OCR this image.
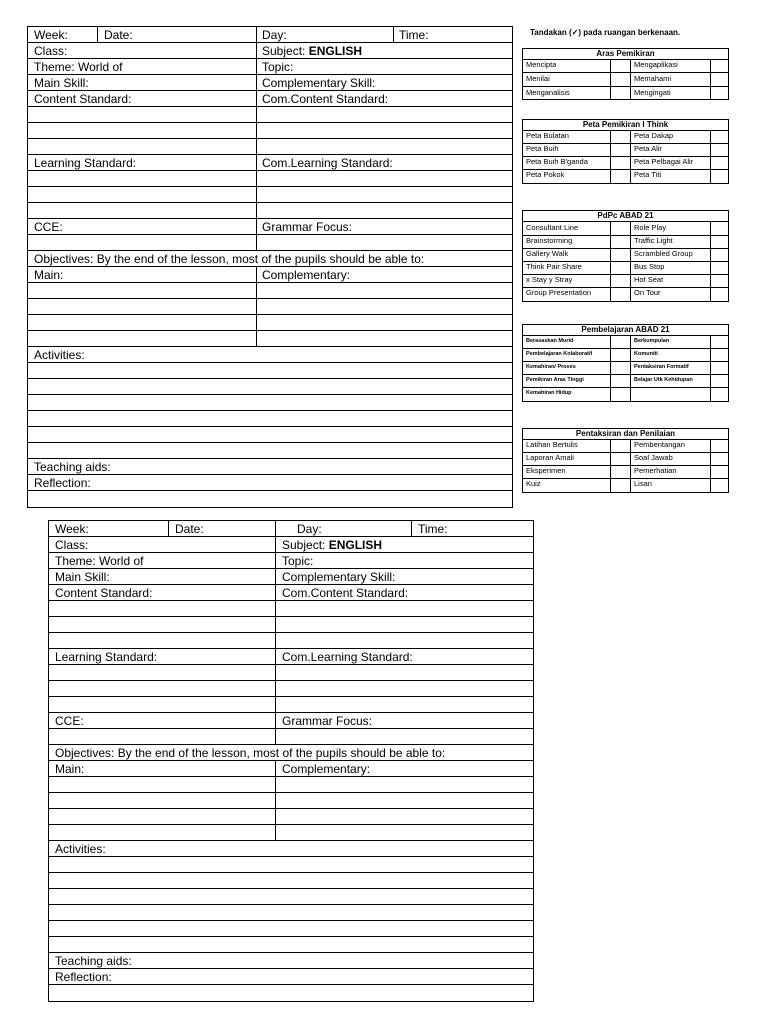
Week:	Date:	Day:	Time:
Class:	Subject: ENGLISH
Theme: World of	Topic:
Main Skill:	Complementary Skill:
Content Standard:	Com.Content Standard:
Learning Standard:	Com.Learning Standard:
CCE:	Grammar Focus:
Objectives: By the end of the lesson, most of the pupils should be able to:
Main:	Complementary:
Activities:
Teaching aids:
Reflection:
Week:	Date:	Day:	Time:
Class:	Subject: ENGLISH
Theme: World of	Topic:
Main Skill:	Complementary Skill:
Content Standard:	Com.Content Standard:
Learning Standard:	Com.Learning Standard:
CCE:	Grammar Focus:
Objectives: By the end of the lesson, most of the pupils should be able to:
Main:	Complementary:
Activities:
Teaching aids:
Reflection:
Tandakan (✓) pada ruangan berkenaan.
Aras Pemikiran
Mencipta	Mengaplikasi
Menilai	Memahami
Menganalisis	Mengingati
Peta Pemikiran I Think
Peta Bulatan	Peta Dakap
Peta Buih	Peta Alir
Peta Buih B'ganda	Peta Pelbagai Alir
Peta Pokok	Peta Titi
PdPc ABAD 21
Consultant Line	Role Play
Brainstorming	Traffic Light
Gallery Walk	Scrambled Group
Think Pair Share	Bus Stop
x Stay y Stray	Hot Seat
Group Presentation	On Tour
Pembelajaran ABAD 21
Berasaskan Murid	Berkumpulan
Pembelajaran Kolaboratif	Komuniti
Kemahiran/ Proses	Pentaksiran Formatif
Pemikiran Aras Tinggi	Belajar Utk Kehidupan
Kemahiran Hidup
Pentaksiran dan Penilaian
Latihan Bertulis	Pembentangan
Laporan Amali	Soal Jawab
Eksperimen	Pemerhatian
Kuiz	Lisan
